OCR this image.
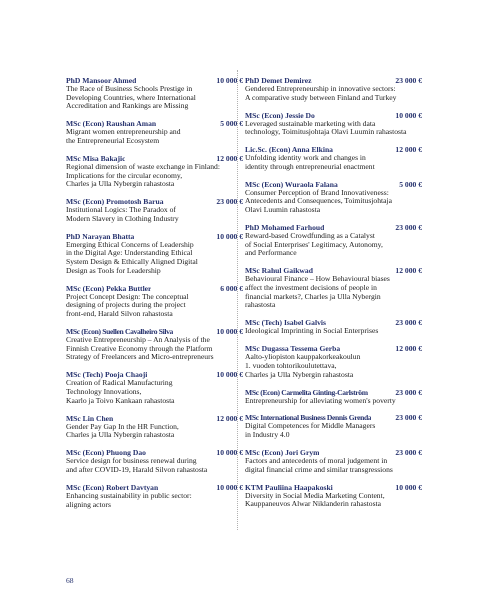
PhD Mansoor Ahmed	10 000 €
The Race of Business Schools Prestige in
Developing Countries, where International
Accreditation and Rankings are Missing
MSc (Econ) Raushan Aman	5 000 €
Migrant women entrepreneurship and
the Entrepreneurial Ecosystem
MSc Misa Bakajic	12 000 €
Regional dimension of waste exchange in Finland:
Implications for the circular economy,
Charles ja Ulla Nybergin rahastosta
MSc (Econ) Promotosh Barua	23 000 €
Institutional Logics: The Paradox of
Modern Slavery in Clothing Industry
PhD Narayan Bhatta	10 000 €
Emerging Ethical Concerns of Leadership
in the Digital Age: Understanding Ethical
System Design & Ethically Aligned Digital
Design as Tools for Leadership
MSc (Econ) Pekka Buttler	6 000 €
Project Concept Design: The conceptual
designing of projects during the project
front-end, Harald Silvon rahastosta
MSc (Econ) Suellen Cavalheiro Silva	10 000 €
Creative Entrepreneurship – An Analysis of the
Finnish Creative Economy through the Platform
Strategy of Freelancers and Micro-entrepreneurs
MSc (Tech) Pooja Chaoji	10 000 €
Creation of Radical Manufacturing
Technology Innovations,
Kaarlo ja Toivo Kankaan rahastosta
MSc Lin Chen	12 000 €
Gender Pay Gap In the HR Function,
Charles ja Ulla Nybergin rahastosta
MSc (Econ) Phuong Dao	10 000 €
Service design for business renewal during
and after COVID-19, Harald Silvon rahastosta
MSc (Econ) Robert Davtyan	10 000 €
Enhancing sustainability in public sector:
aligning actors
PhD Demet Demirez	23 000 €
Gendered Entrepreneurship in innovative sectors:
A comparative study between Finland and Turkey
MSc (Econ) Jessie Do	10 000 €
Leveraged sustainable marketing with data
technology, Toimitusjohtaja Olavi Luumin rahastosta
Lic.Sc. (Econ) Anna Elkina	12 000 €
Unfolding identity work and changes in
identity through entrepreneurial enactment
MSc (Econ) Wuraola Falana	5 000 €
Consumer Perception of Brand Innovativeness:
Antecedents and Consequences, Toimitusjohtaja
Olavi Luumin rahastosta
PhD Mohamed Farhoud	23 000 €
Reward-based Crowdfunding as a Catalyst
of Social Enterprises' Legitimacy, Autonomy,
and Performance
MSc Rahul Gaikwad	12 000 €
Behavioural Finance – How Behavioural biases
affect the investment decisions of people in
financial markets?, Charles ja Ulla Nybergin
rahastosta
MSc (Tech) Isabel Galvis	23 000 €
Ideological Imprinting in Social Enterprises
MSc Dugassa Tessema Gerba	12 000 €
Aalto-yliopiston kauppakorkeakoulun
1. vuoden tohtorikoulutettava,
Charles ja Ulla Nybergin rahastosta
MSc (Econ) Carmelita Ginting-Carlström	23 000 €
Entrepreneurship for alleviating women's poverty
MSc International Business Dennis Grenda	23 000 €
Digital Competences for Middle Managers
in Industry 4.0
MSc (Econ) Jori Grym	23 000 €
Factors and antecedents of moral judgement in
digital financial crime and similar transgressions
KTM Pauliina Haapakoski	10 000 €
Diversity in Social Media Marketing Content,
Kauppaneuvos Alwar Niklanderin rahastosta
68
